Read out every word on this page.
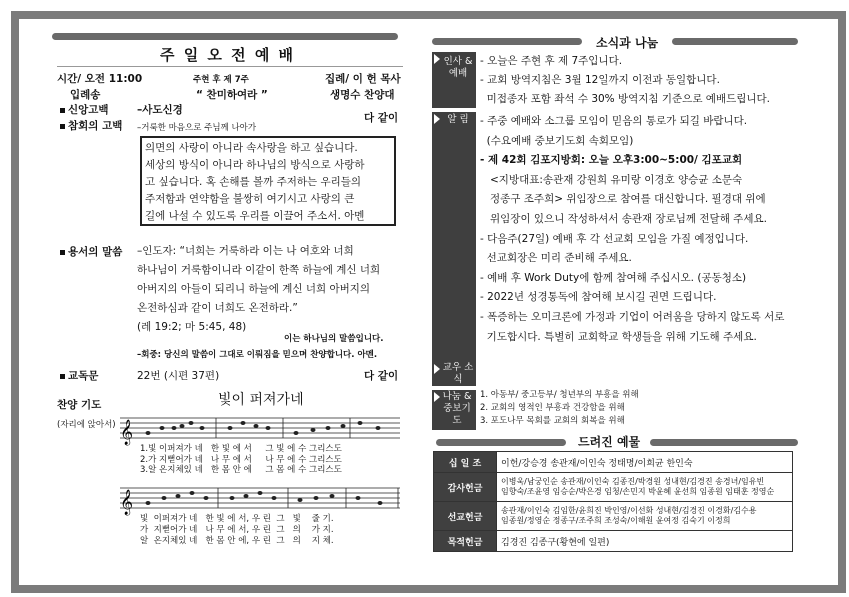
주 일 오 전 예 배
시간/ 오전 11:00	주현 후 제 7주	집례/ 이 헌 목사
입례송	“ 찬미하여라 ”	생명수 찬양대
신앙고백	–사도신경
참회의 고백 –거룩한 마음으로 주님께 나아가
다 같이
의면의 사랑이 아니라 속사랑을 하고 싶습니다.
세상의 방식이 아니라 하나님의 방식으로 사랑하
고 싶습니다. 혹 손해를 볼까 주저하는 우리들의
주저함과 연약함을 불쌍히 여기시고 사랑의 큰
길에 나설 수 있도록 우리를 이끌어 주소서. 아멘
용서의 말씀 –인도자: “너희는 거룩하라 이는 나 여호와 너희
하나님이 거룩함이니라 이같이 한쪽 하늘에 계신 너희
아버지의 아들이 되리니 하늘에 계신 너희 아버지의
온전하심과 같이 너희도 온전하라.”
(레 19:2; 마 5:45, 48)
이는 하나님의 말씀입니다.
–회중: 당신의 말씀이 그대로 이뤄짐을 믿으며 찬양합니다. 아멘.
교독문	22번 (시편 37편)	다 같이
찬양 기도
(자리에 앉아서)
빛이 퍼져가네
𝄞
1.빛 이퍼져가 네   한 빛 에 서     그 빛 에 수 그리스도
2.가 지뻗어가 네   나 무 에 서     나 무 에 수 그리스도
3.알 온지체있 네   한 몸 안 에     그 몸 에 수 그리스도
𝄞
빛  이퍼져가 네   한 빛 에 서, 우 린  그   빛    줄 기.
가  지뻗어가 네   나 무 에 서, 우 린  그   의    가 지.
알  온지체있 네   한 몸 안 에, 우 린  그   의    지 체.
소식과 나눔
인사 & 예배
- 오늘은 주현 후 제 7주입니다.
- 교회 방역지침은 3월 12일까지 이전과 동일합니다.
미접종자 포함 좌석 수 30% 방역지침 기준으로 예배드립니다.
알 림	- 주중 예배와 소그룹 모임이 믿음의 통로가 되길 바랍니다.
(수요예배 중보기도회 속회모임)
- 제 42회 김포지방회: 오늘 오후3:00~5:00/ 김포교회
<지방대표:송관재 강원희 유미랑 이경호 양승균 소문숙
정종구 조주희> 위임장으로 참여를 대신합니다. 필경대 위에
위임장이 있으니 작성하셔서 송관재 장로님께 전달해 주세요.
- 다음주(27일) 예배 후 각 선교회 모임을 가질 예정입니다.
선교회장은 미리 준비해 주세요.
- 예배 후 Work Duty에 함께 참여해 주십시오. (공동청소)
- 2022년 성경통독에 참여해 보시길 권면 드립니다.
- 폭증하는 오미크론에 가정과 기업이 어려움을 당하지 않도록 서로
기도합시다. 특별히 교회학교 학생들을 위해 기도해 주세요.
교우 소식
나눔 & 중보기도
1. 아동부/ 중고등부/ 청년부의 부흥을 위해
2. 교회의 영적인 부흥과 건강함을 위해
3. 포도나무 목회를 교회의 회복을 위해
드려진 예물
십 일 조	이헌/강승경 송관재/이인숙 정태명/이희균 한인숙
감사헌금	이병욱/남궁인순 송관재/이인숙 김종진/박경원 성내현/김경진 송경녀/임유빈
임향숙/조윤영 임승순/박은경 임청/손민지 박윤혜 윤선희 임종원 임태훈 정영순
선교헌금	송관재/이인숙 김임한/윤희진 박인영/이선화 성내현/김경진 이경화/김수용
임종원/정영순 정종구/조주희 조성숙/이해원 윤여정 김숙기 이정희
목적헌금	김경진 김종구(황현에 일편)
